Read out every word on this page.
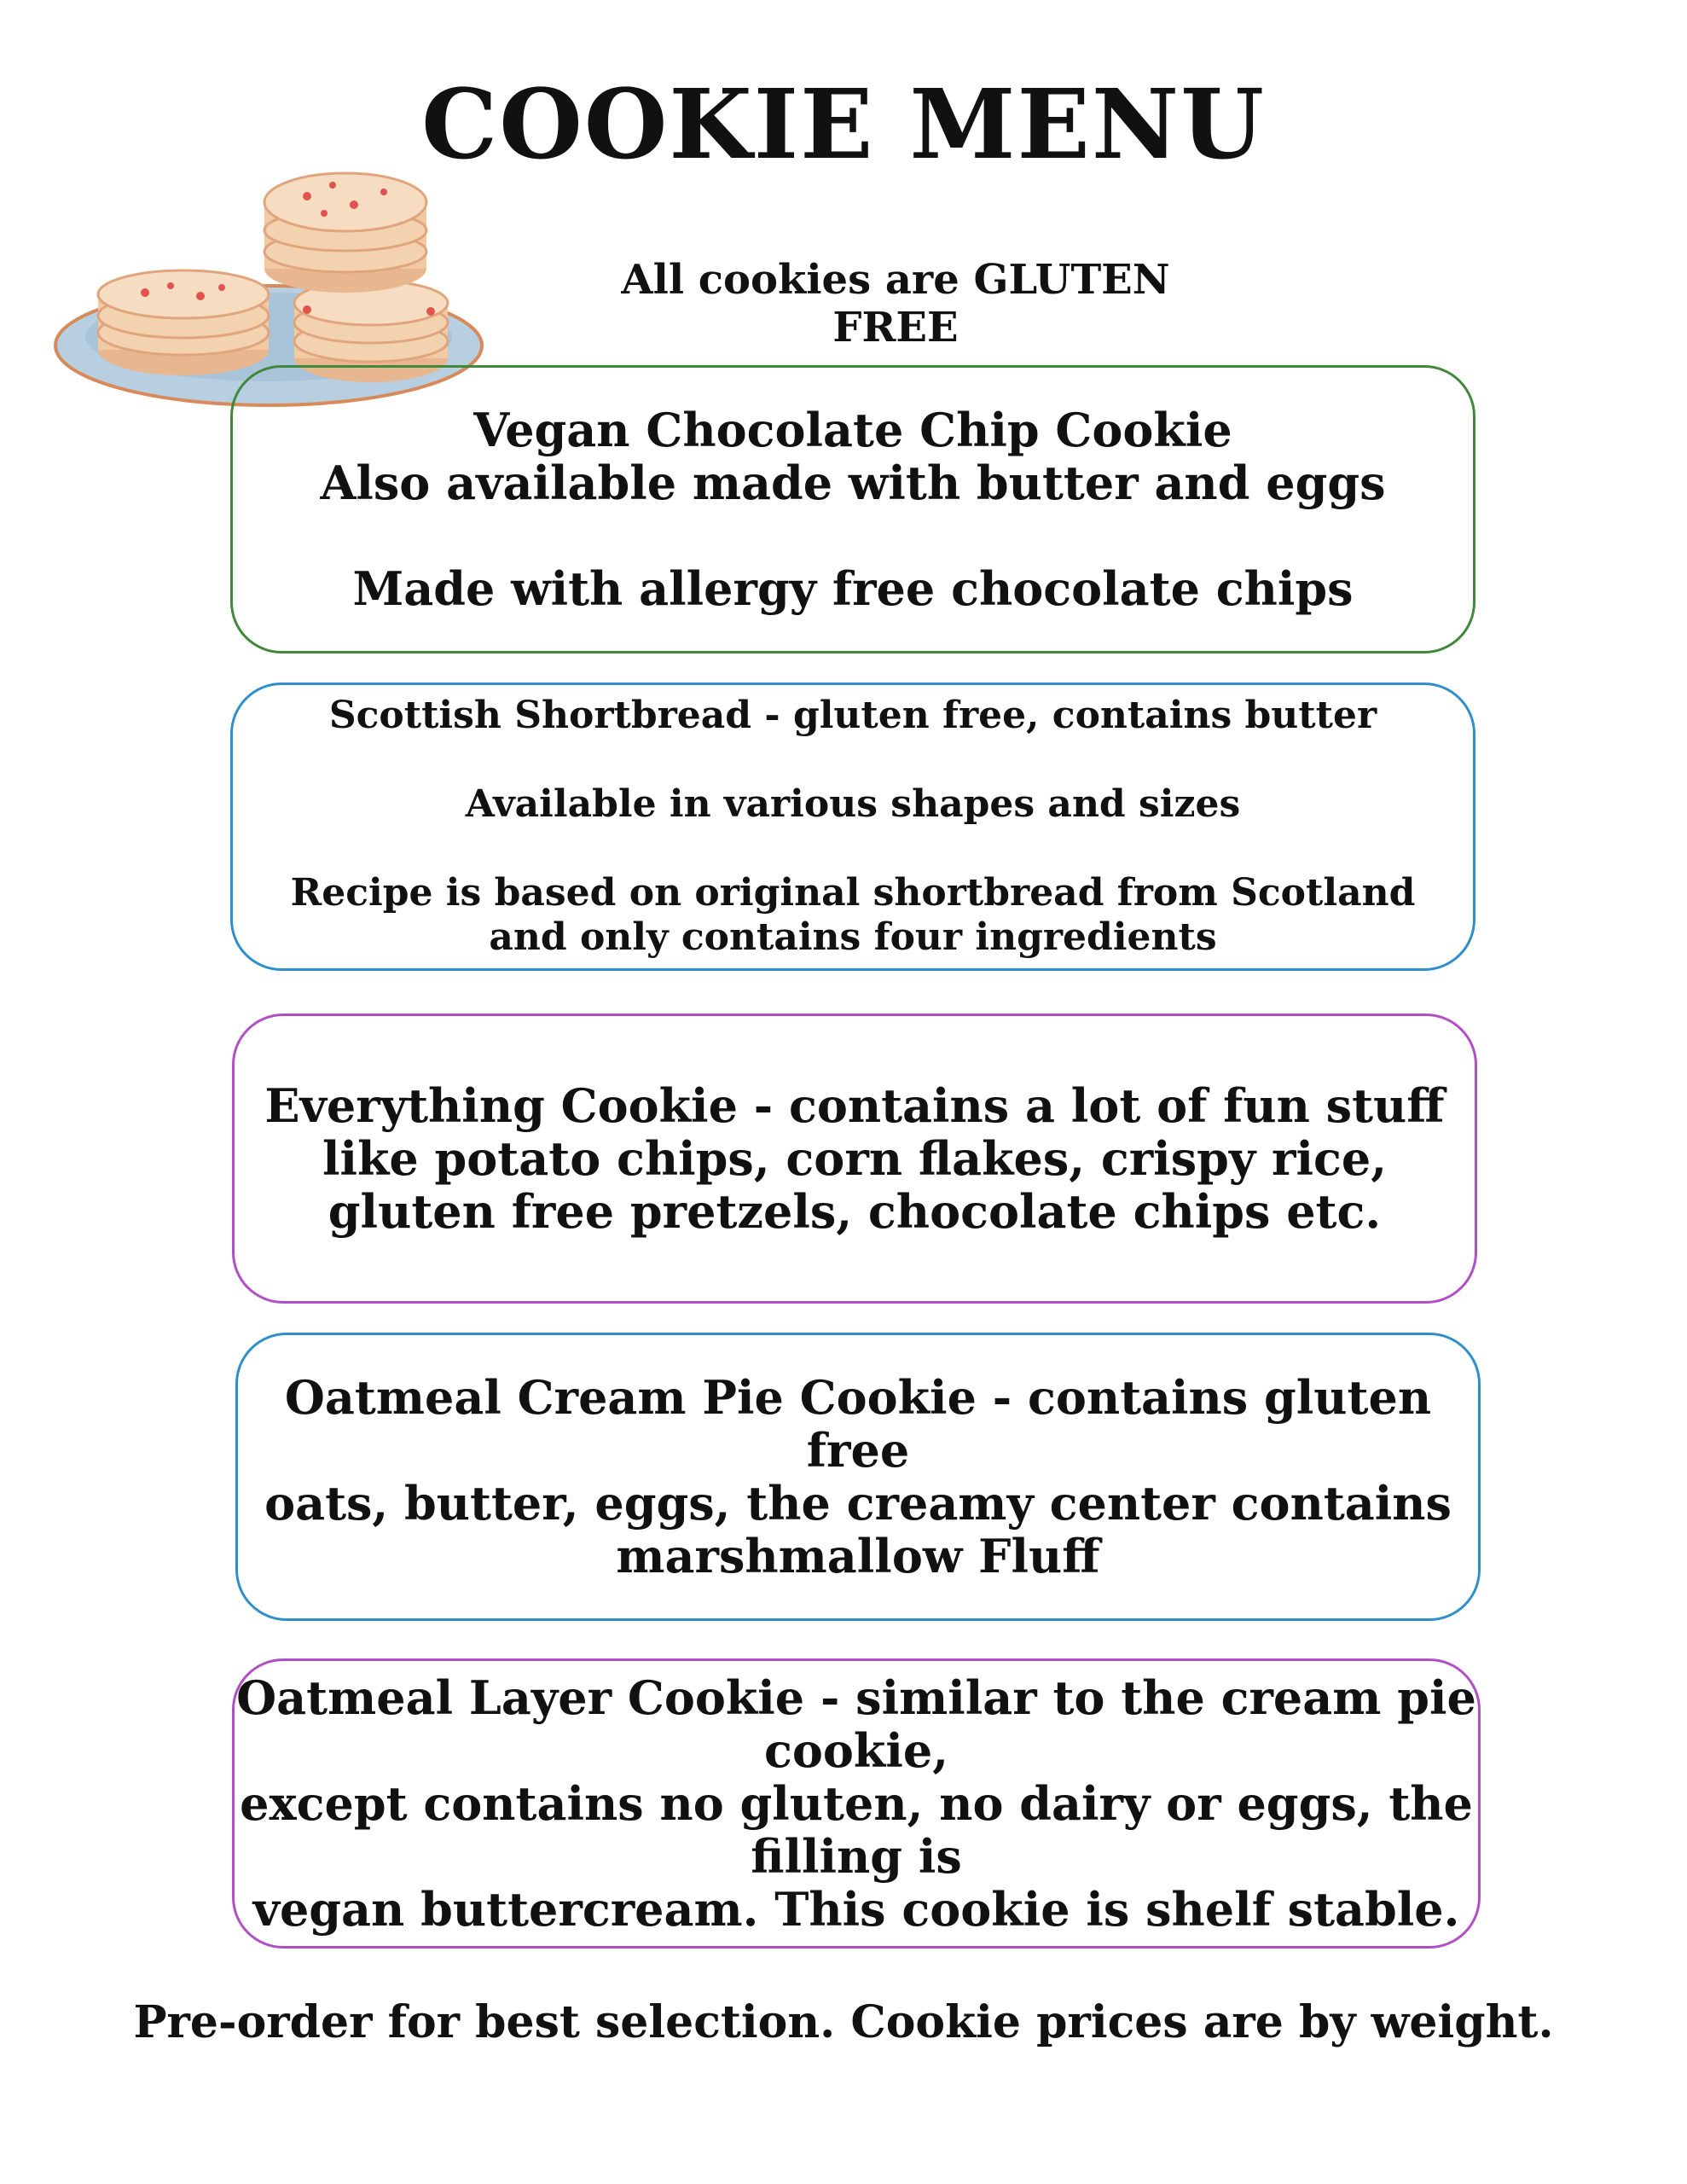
COOKIE MENU
All cookies are GLUTEN FREE
Vegan Chocolate Chip Cookie
Also available made with butter and eggs

Made with allergy free chocolate chips
Scottish Shortbread - gluten free, contains butter

Available in various shapes and sizes

Recipe is based on original shortbread from Scotland
and only contains four ingredients
Everything Cookie - contains a lot of fun stuff
like potato chips, corn flakes, crispy rice,
gluten free pretzels, chocolate chips etc.
Oatmeal Cream Pie Cookie - contains gluten free
oats, butter, eggs, the creamy center contains
marshmallow Fluff
Oatmeal Layer Cookie - similar to the cream pie cookie,
except contains no gluten, no dairy or eggs, the filling is
vegan buttercream. This cookie is shelf stable.
Pre-order for best selection. Cookie prices are by weight.
